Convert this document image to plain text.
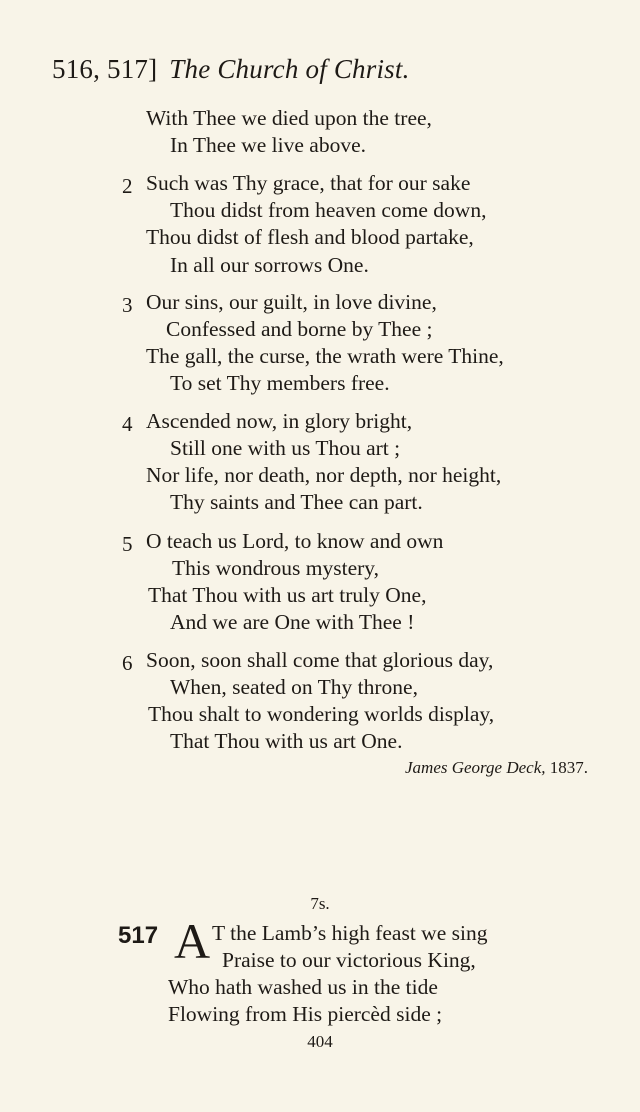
516, 517] The Church of Christ.
With Thee we died upon the tree,
In Thee we live above.
2 Such was Thy grace, that for our sake
Thou didst from heaven come down,
Thou didst of flesh and blood partake,
In all our sorrows One.
3 Our sins, our guilt, in love divine,
Confessed and borne by Thee ;
The gall, the curse, the wrath were Thine,
To set Thy members free.
4 Ascended now, in glory bright,
Still one with us Thou art ;
Nor life, nor death, nor depth, nor height,
Thy saints and Thee can part.
5 O teach us Lord, to know and own
This wondrous mystery,
That Thou with us art truly One,
And we are One with Thee !
6 Soon, soon shall come that glorious day,
When, seated on Thy throne,
Thou shalt to wondering worlds display,
That Thou with us art One.
James George Deck, 1837.
7s.
517 A T the Lamb’s high feast we sing
Praise to our victorious King,
Who hath washed us in the tide
Flowing from His piercèd side ;
404
